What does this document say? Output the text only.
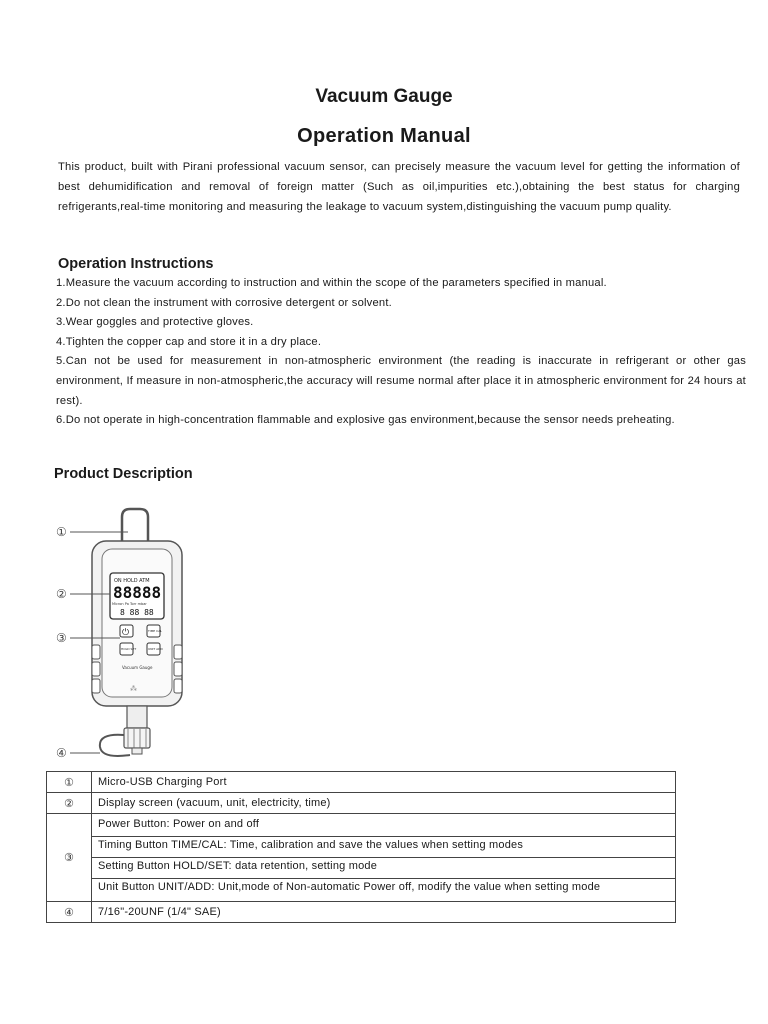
Vacuum Gauge
Operation Manual
This product, built with Pirani professional vacuum sensor, can precisely measure the vacuum level for getting the information of best dehumidification and removal of foreign matter (Such as oil,impurities etc.),obtaining the best status for charging refrigerants,real-time monitoring and measuring the leakage to vacuum system,distinguishing the vacuum pump quality.
Operation Instructions
1.Measure the vacuum according to instruction and within the scope of the parameters specified in manual.
2.Do not clean the instrument with corrosive detergent or solvent.
3.Wear goggles and protective gloves.
4.Tighten the copper cap and store it in a dry place.
5.Can not be used for measurement in non-atmospheric environment (the reading is inaccurate in refrigerant or other gas environment, If measure in non-atmospheric,the accuracy will resume normal after place it in atmospheric environment for 24 hours at rest).
6.Do not operate in high-concentration flammable and explosive gas environment,because the sensor needs preheating.
Product Description
①
ON HOLD ATM
88888
Micron Pa Torr mbar
8 88 88
②
⏻	TIME CAL
HOLD SET	UNIT ADD
③
Vacuum Gauge
⁂
④
①	Micro-USB Charging Port
②	Display screen (vacuum, unit, electricity, time)
③	Power Button: Power on and off
Timing Button TIME/CAL: Time, calibration and save the values when setting modes
Setting Button HOLD/SET: data retention, setting mode
Unit Button UNIT/ADD: Unit,mode of Non-automatic Power off, modify the value when setting mode

④	7/16"-20UNF (1/4" SAE)
